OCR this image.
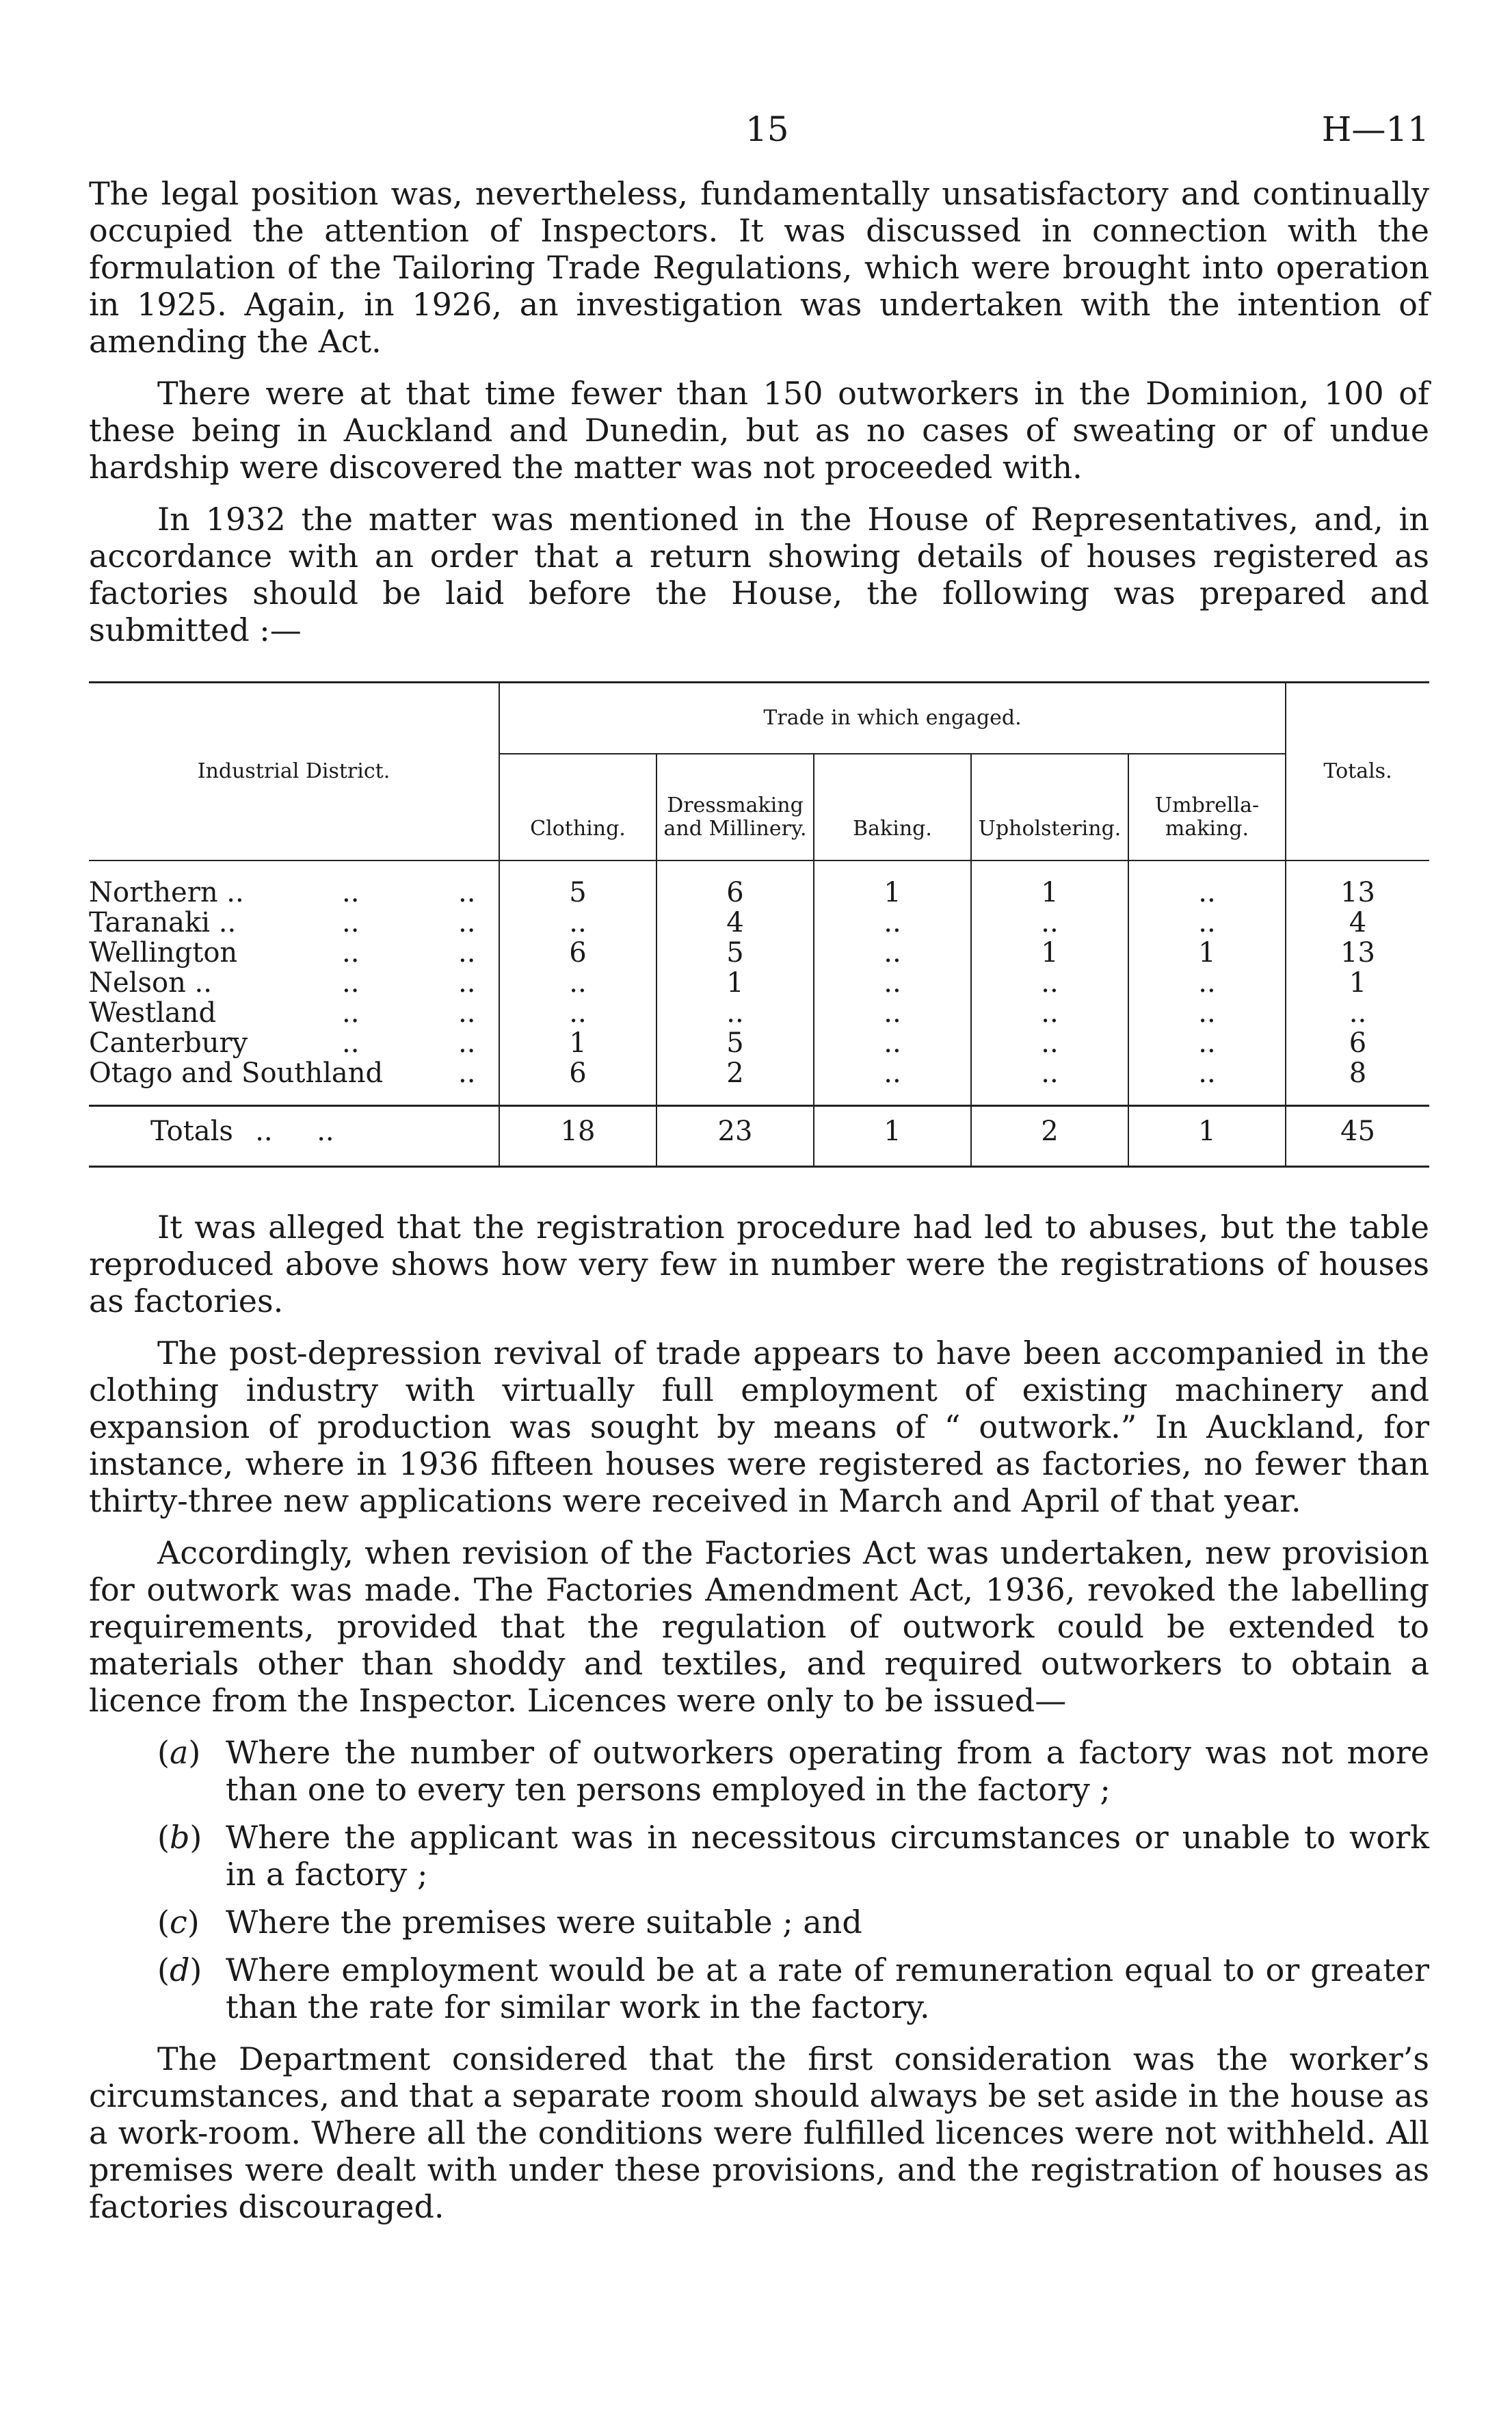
15	H—11

The legal position was, nevertheless, fundamentally unsatisfactory and continually occupied the attention of Inspectors. It was discussed in connection with the formulation of the Tailoring Trade Regulations, which were brought into operation in 1925. Again, in 1926, an investigation was undertaken with the intention of amending the Act.

There were at that time fewer than 150 outworkers in the Dominion, 100 of these being in Auckland and Dunedin, but as no cases of sweating or of undue hardship were discovered the matter was not proceeded with.

In 1932 the matter was mentioned in the House of Representatives, and, in accordance with an order that a return showing details of houses registered as factories should be laid before the House, the following was prepared and submitted :—

Industrial District.	Trade in which engaged.					Totals.
	Clothing.	Dressmaking and Millinery.	Baking.	Upholstering.	Umbrella-making.	

Northern .. .. ..	5	6	1	1	..	13
Taranaki .. .. ..	..	4	..	..	..	4
Wellington .. ..	6	5	..	1	1	13
Nelson .. .. ..	..	1	..	..	..	1
Westland .. ..	..	..	..	..	..	..
Canterbury .. ..	1	5	..	..	..	6
Otago and Southland ..	6	2	..	..	..	8

Totals .. ..	18	23	1	2	1	45

It was alleged that the registration procedure had led to abuses, but the table reproduced above shows how very few in number were the registrations of houses as factories.

The post-depression revival of trade appears to have been accompanied in the clothing industry with virtually full employment of existing machinery and expansion of production was sought by means of “ outwork.” In Auckland, for instance, where in 1936 fifteen houses were registered as factories, no fewer than thirty-three new applications were received in March and April of that year.

Accordingly, when revision of the Factories Act was undertaken, new provision for outwork was made. The Factories Amendment Act, 1936, revoked the labelling requirements, provided that the regulation of outwork could be extended to materials other than shoddy and textiles, and required outworkers to obtain a licence from the Inspector. Licences were only to be issued—

( a )	Where the number of outworkers operating from a factory was not more than one to every ten persons employed in the factory ;
( b )	Where the applicant was in necessitous circumstances or unable to work in a factory ;
( c )	Where the premises were suitable ; and
( d )	Where employment would be at a rate of remuneration equal to or greater than the rate for similar work in the factory.

The Department considered that the first consideration was the worker’s circumstances, and that a separate room should always be set aside in the house as a work-room. Where all the conditions were fulfilled licences were not withheld. All premises were dealt with under these provisions, and the registration of houses as factories discouraged.
